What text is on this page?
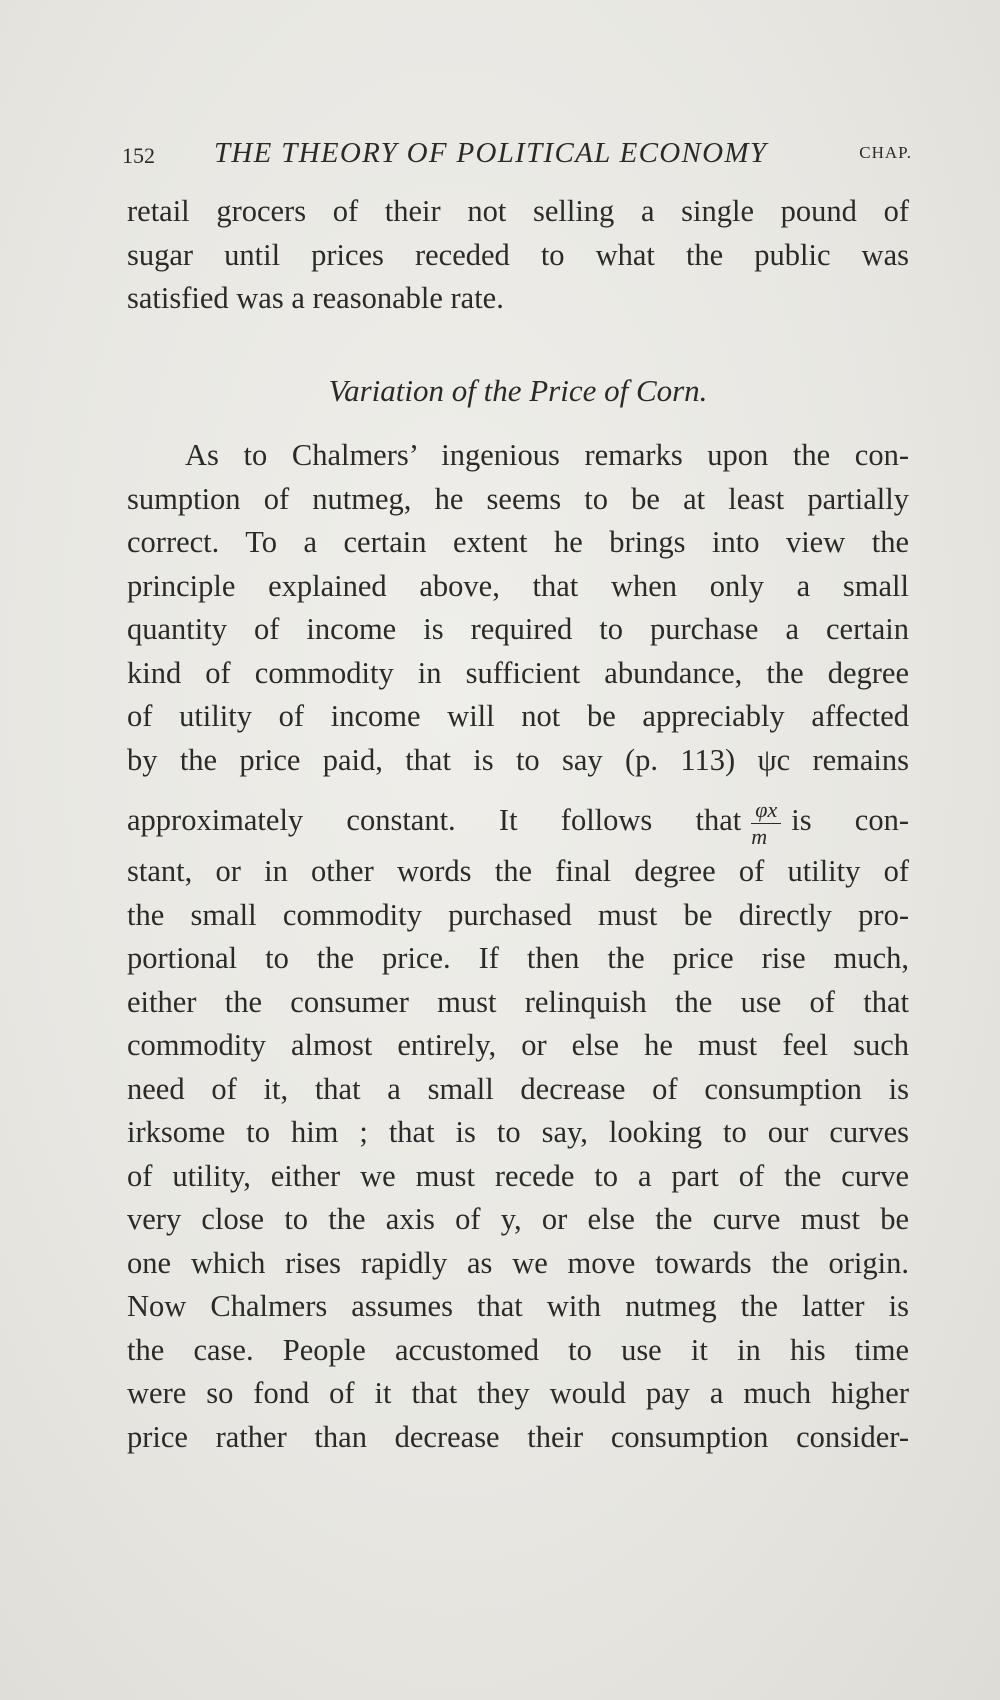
152 THE THEORY OF POLITICAL ECONOMY	CHAP.
retail grocers of their not selling a single pound of
sugar until prices receded to what the public was
satisfied was a reasonable rate.
Variation of the Price of Corn.
As to Chalmers’ ingenious remarks upon the con-
sumption of nutmeg, he seems to be at least partially
correct. To a certain extent he brings into view the
principle explained above, that when only a small
quantity of income is required to purchase a certain
kind of commodity in sufficient abundance, the degree
of utility of income will not be appreciably affected
by the price paid, that is to say (p. 113) ψc remains
approximately constant. It follows that $\frac{\varphi x}{m}$ is con-
stant, or in other words the final degree of utility of
the small commodity purchased must be directly pro-
portional to the price. If then the price rise much,
either the consumer must relinquish the use of that
commodity almost entirely, or else he must feel such
need of it, that a small decrease of consumption is
irksome to him ; that is to say, looking to our curves
of utility, either we must recede to a part of the curve
very close to the axis of y, or else the curve must be
one which rises rapidly as we move towards the origin.
Now Chalmers assumes that with nutmeg the latter is
the case. People accustomed to use it in his time
were so fond of it that they would pay a much higher
price rather than decrease their consumption consider-
